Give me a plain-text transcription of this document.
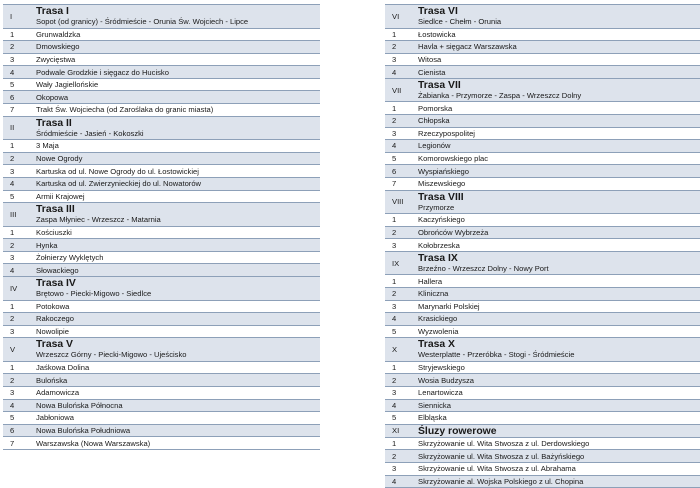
I	Trasa I
Sopot (od granicy) - Śródmieście - Orunia Św. Wojciech - Lipce

1	Grunwaldzka
2	Dmowskiego
3	Zwycięstwa
4	Podwale Grodzkie i sięgacz do Hucisko
5	Wały Jagiellońskie
6	Okopowa
7	Trakt Św. Wojciecha (od Zaroślaka do granic miasta)
II	Trasa II
Śródmieście - Jasień - Kokoszki

1	3 Maja
2	Nowe Ogrody
3	Kartuska od ul. Nowe Ogrody do ul. Łostowickiej
4	Kartuska od ul. Zwierzynieckiej do ul. Nowatorów
5	Armii Krajowej
III	Trasa III
Zaspa Młyniec - Wrzeszcz - Matarnia

1	Kościuszki
2	Hynka
3	Żołnierzy Wyklętych
4	Słowackiego
IV	Trasa IV
Brętowo - Piecki-Migowo - Siedlce

1	Potokowa
2	Rakoczego
3	Nowolipie
V	Trasa V
Wrzeszcz Górny - Piecki-Migowo - Ujeścisko

1	Jaśkowa Dolina
2	Bulońska
3	Adamowicza
4	Nowa Bulońska Północna
5	Jabłoniowa
6	Nowa Bulońska Południowa
7	Warszawska (Nowa Warszawska)
VI	Trasa VI
Siedlce - Chełm - Orunia

1	Łostowicka
2	Havla + sięgacz Warszawska
3	Witosa
4	Cienista
VII	Trasa VII
Żabianka - Przymorze - Zaspa - Wrzeszcz Dolny

1	Pomorska
2	Chłopska
3	Rzeczypospolitej
4	Legionów
5	Komorowskiego plac
6	Wyspiańskiego
7	Miszewskiego
VIII	Trasa VIII
Przymorze

1	Kaczyńskiego
2	Obrońców Wybrzeża
3	Kołobrzeska
IX	Trasa IX
Brzeźno - Wrzeszcz Dolny - Nowy Port

1	Hallera
2	Kliniczna
3	Marynarki Polskiej
4	Krasickiego
5	Wyzwolenia
X	Trasa X
Westerplatte - Przeróbka - Stogi - Śródmieście

1	Stryjewskiego
2	Wosia Budzysza
3	Lenartowicza
4	Siennicka
5	Elbląska
XI	Śluzy rowerowe

1	Skrzyżowanie ul. Wita Stwosza z ul. Derdowskiego
2	Skrzyżowanie ul. Wita Stwosza z ul. Bażyńskiego
3	Skrzyżowanie ul. Wita Stwosza z ul. Abrahama
4	Skrzyżowanie al. Wojska Polskiego z ul. Chopina
